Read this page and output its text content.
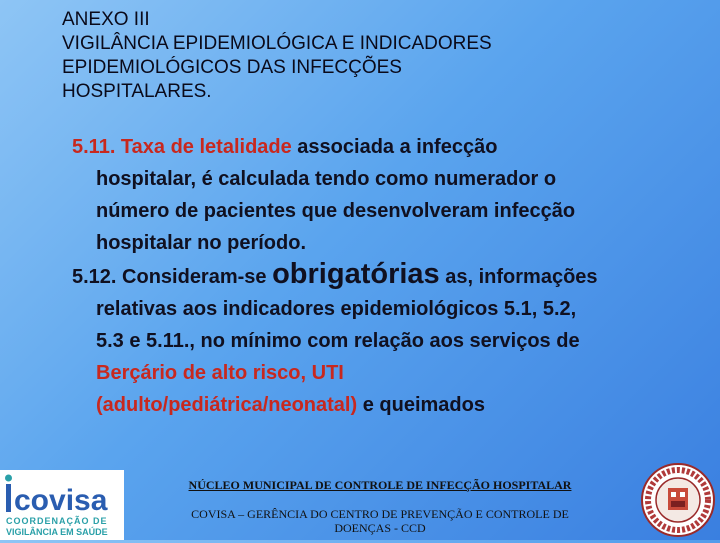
ANEXO III
VIGILÂNCIA EPIDEMIOLÓGICA E INDICADORES
EPIDEMIOLÓGICOS DAS INFECÇÕES
HOSPITALARES.
5.11. Taxa de letalidade associada a infecção
hospitalar, é calculada tendo como numerador o
número de pacientes que desenvolveram infecção
hospitalar no período.
5.12. Consideram-se obrigatórias as, informações
relativas aos indicadores epidemiológicos 5.1, 5.2,
5.3 e 5.11., no mínimo com relação aos serviços de
Berçário de alto risco, UTI
(adulto/pediátrica/neonatal) e queimados
covisa
COORDENAÇÃO DE
VIGILÂNCIA EM SAÚDE
NÚCLEO MUNICIPAL DE CONTROLE DE INFECÇÃO HOSPITALAR
COVISA – GERÊNCIA DO CENTRO DE PREVENÇÃO E CONTROLE DE
DOENÇAS - CCD
